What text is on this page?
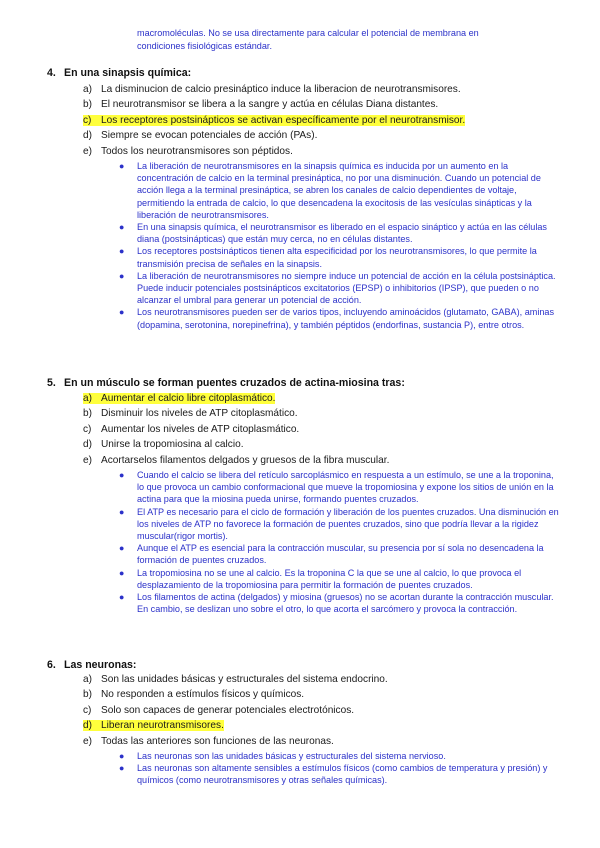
macromoléculas. No se usa directamente para calcular el potencial de membrana en
condiciones fisiológicas estándar.

4. En una sinapsis química:

a) La disminucion de calcio presináptico induce la liberacion de neurotransmisores.
b) El neurotransmisor se libera a la sangre y actúa en células Diana distantes.
c) Los receptores postsinápticos se activan específicamente por el neurotransmisor.
d) Siempre se evocan potenciales de acción (PAs).
e) Todos los neurotransmisores son péptidos.
● La liberación de neurotransmisores en la sinapsis química es inducida por un aumento en la concentración de calcio en la terminal presináptica, no por una disminución. Cuando un potencial de acción llega a la terminal presináptica, se abren los canales de calcio dependientes de voltaje, permitiendo la entrada de calcio, lo que desencadena la exocitosis de las vesículas sinápticas y la liberación de neurotransmisores.
● En una sinapsis química, el neurotransmisor es liberado en el espacio sináptico y actúa en las células diana (postsinápticas) que están muy cerca, no en células distantes.
● Los receptores postsinápticos tienen alta especificidad por los neurotransmisores, lo que permite la transmisión precisa de señales en la sinapsis.
● La liberación de neurotransmisores no siempre induce un potencial de acción en la célula postsináptica. Puede inducir potenciales postsinápticos excitatorios (EPSP) o inhibitorios (IPSP), que pueden o no alcanzar el umbral para generar un potencial de acción.
● Los neurotransmisores pueden ser de varios tipos, incluyendo aminoácidos (glutamato, GABA), aminas (dopamina, serotonina, norepinefrina), y también péptidos (endorfinas, sustancia P), entre otros.

5. En un músculo se forman puentes cruzados de actina-miosina tras:

a) Aumentar el calcio libre citoplasmático.
b) Disminuir los niveles de ATP citoplasmático.
c) Aumentar los niveles de ATP citoplasmático.
d) Unirse la tropomiosina al calcio.
e) Acortarselos filamentos delgados y gruesos de la fibra muscular.
● Cuando el calcio se libera del retículo sarcoplásmico en respuesta a un estímulo, se une a la troponina, lo que provoca un cambio conformacional que mueve la tropomiosina y expone los sitios de unión en la actina para que la miosina pueda unirse, formando puentes cruzados.
● El ATP es necesario para el ciclo de formación y liberación de los puentes cruzados. Una disminución en los niveles de ATP no favorece la formación de puentes cruzados, sino que podría llevar a la rigidez muscular(rigor mortis).
● Aunque el ATP es esencial para la contracción muscular, su presencia por sí sola no desencadena la formación de puentes cruzados.
● La tropomiosina no se une al calcio. Es la troponina C la que se une al calcio, lo que provoca el desplazamiento de la tropomiosina para permitir la formación de puentes cruzados.
● Los filamentos de actina (delgados) y miosina (gruesos) no se acortan durante la contracción muscular. En cambio, se deslizan uno sobre el otro, lo que acorta el sarcómero y provoca la contracción.

6. Las neuronas:

a) Son las unidades básicas y estructurales del sistema endocrino.
b) No responden a estímulos físicos y químicos.
c) Solo son capaces de generar potenciales electrotónicos.
d) Liberan neurotransmisores.
e) Todas las anteriores son funciones de las neuronas.
● Las neuronas son las unidades básicas y estructurales del sistema nervioso.
● Las neuronas son altamente sensibles a estímulos físicos (como cambios de temperatura y presión) y químicos (como neurotransmisores y otras señales químicas).
